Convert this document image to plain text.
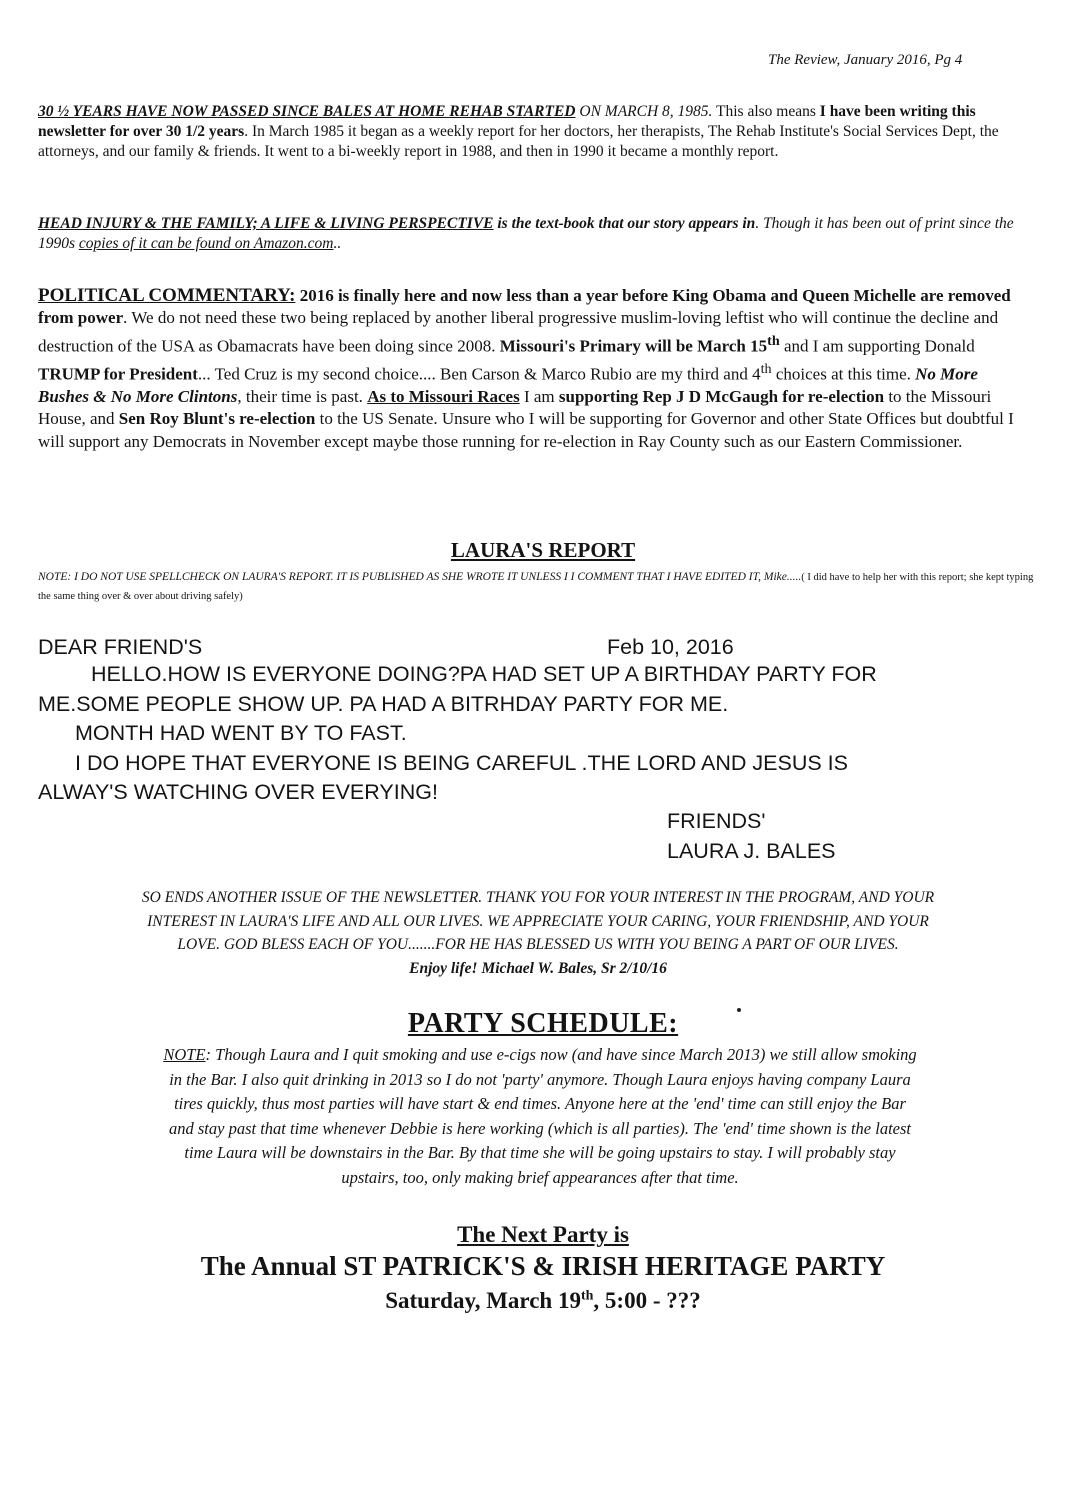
The Review, January 2016, Pg 4
30 ½ YEARS HAVE NOW PASSED SINCE BALES AT HOME REHAB STARTED ON MARCH 8, 1985. This also means I have been writing this newsletter for over 30 1/2 years. In March 1985 it began as a weekly report for her doctors, her therapists, The Rehab Institute's Social Services Dept, the attorneys, and our family & friends. It went to a bi-weekly report in 1988, and then in 1990 it became a monthly report.
HEAD INJURY & THE FAMILY; A LIFE & LIVING PERSPECTIVE is the text-book that our story appears in. Though it has been out of print since the 1990s copies of it can be found on Amazon.com..
POLITICAL COMMENTARY: 2016 is finally here and now less than a year before King Obama and Queen Michelle are removed from power. We do not need these two being replaced by another liberal progressive muslim-loving leftist who will continue the decline and destruction of the USA as Obamacrats have been doing since 2008. Missouri's Primary will be March 15th and I am supporting Donald TRUMP for President... Ted Cruz is my second choice.... Ben Carson & Marco Rubio are my third and 4th choices at this time. No More Bushes & No More Clintons, their time is past. As to Missouri Races I am supporting Rep J D McGaugh for re-election to the Missouri House, and Sen Roy Blunt's re-election to the US Senate. Unsure who I will be supporting for Governor and other State Offices but doubtful I will support any Democrats in November except maybe those running for re-election in Ray County such as our Eastern Commissioner.
LAURA'S REPORT
NOTE: I DO NOT USE SPELLCHECK ON LAURA'S REPORT. IT IS PUBLISHED AS SHE WROTE IT UNLESS I I COMMENT THAT I HAVE EDITED IT, Mike.....( I did have to help her with this report; she kept typing the same thing over & over about driving safely)
DEAR FRIEND'S	Feb 10, 2016
HELLO.HOW IS EVERYONE DOING?PA HAD SET UP A BIRTHDAY PARTY FOR
ME.SOME PEOPLE SHOW UP. PA HAD A BITRHDAY PARTY FOR ME.
MONTH HAD WENT BY TO FAST.
I DO HOPE THAT EVERYONE IS BEING CAREFUL .THE LORD AND JESUS IS
ALWAY'S WATCHING OVER EVERYING!
FRIENDS'
LAURA J. BALES
SO ENDS ANOTHER ISSUE OF THE NEWSLETTER. THANK YOU FOR YOUR INTEREST IN THE PROGRAM, AND YOUR
INTEREST IN LAURA'S LIFE AND ALL OUR LIVES. WE APPRECIATE YOUR CARING, YOUR FRIENDSHIP, AND YOUR
LOVE. GOD BLESS EACH OF YOU.......FOR HE HAS BLESSED US WITH YOU BEING A PART OF OUR LIVES.
Enjoy life! Michael W. Bales, Sr 2/10/16
PARTY SCHEDULE:
NOTE: Though Laura and I quit smoking and use e-cigs now (and have since March 2013) we still allow smoking
in the Bar. I also quit drinking in 2013 so I do not 'party' anymore. Though Laura enjoys having company Laura
tires quickly, thus most parties will have start & end times. Anyone here at the 'end' time can still enjoy the Bar
and stay past that time whenever Debbie is here working (which is all parties). The 'end' time shown is the latest
time Laura will be downstairs in the Bar. By that time she will be going upstairs to stay. I will probably stay
upstairs, too, only making brief appearances after that time.
The Next Party is
The Annual ST PATRICK'S & IRISH HERITAGE PARTY
Saturday, March 19th, 5:00 - ???
